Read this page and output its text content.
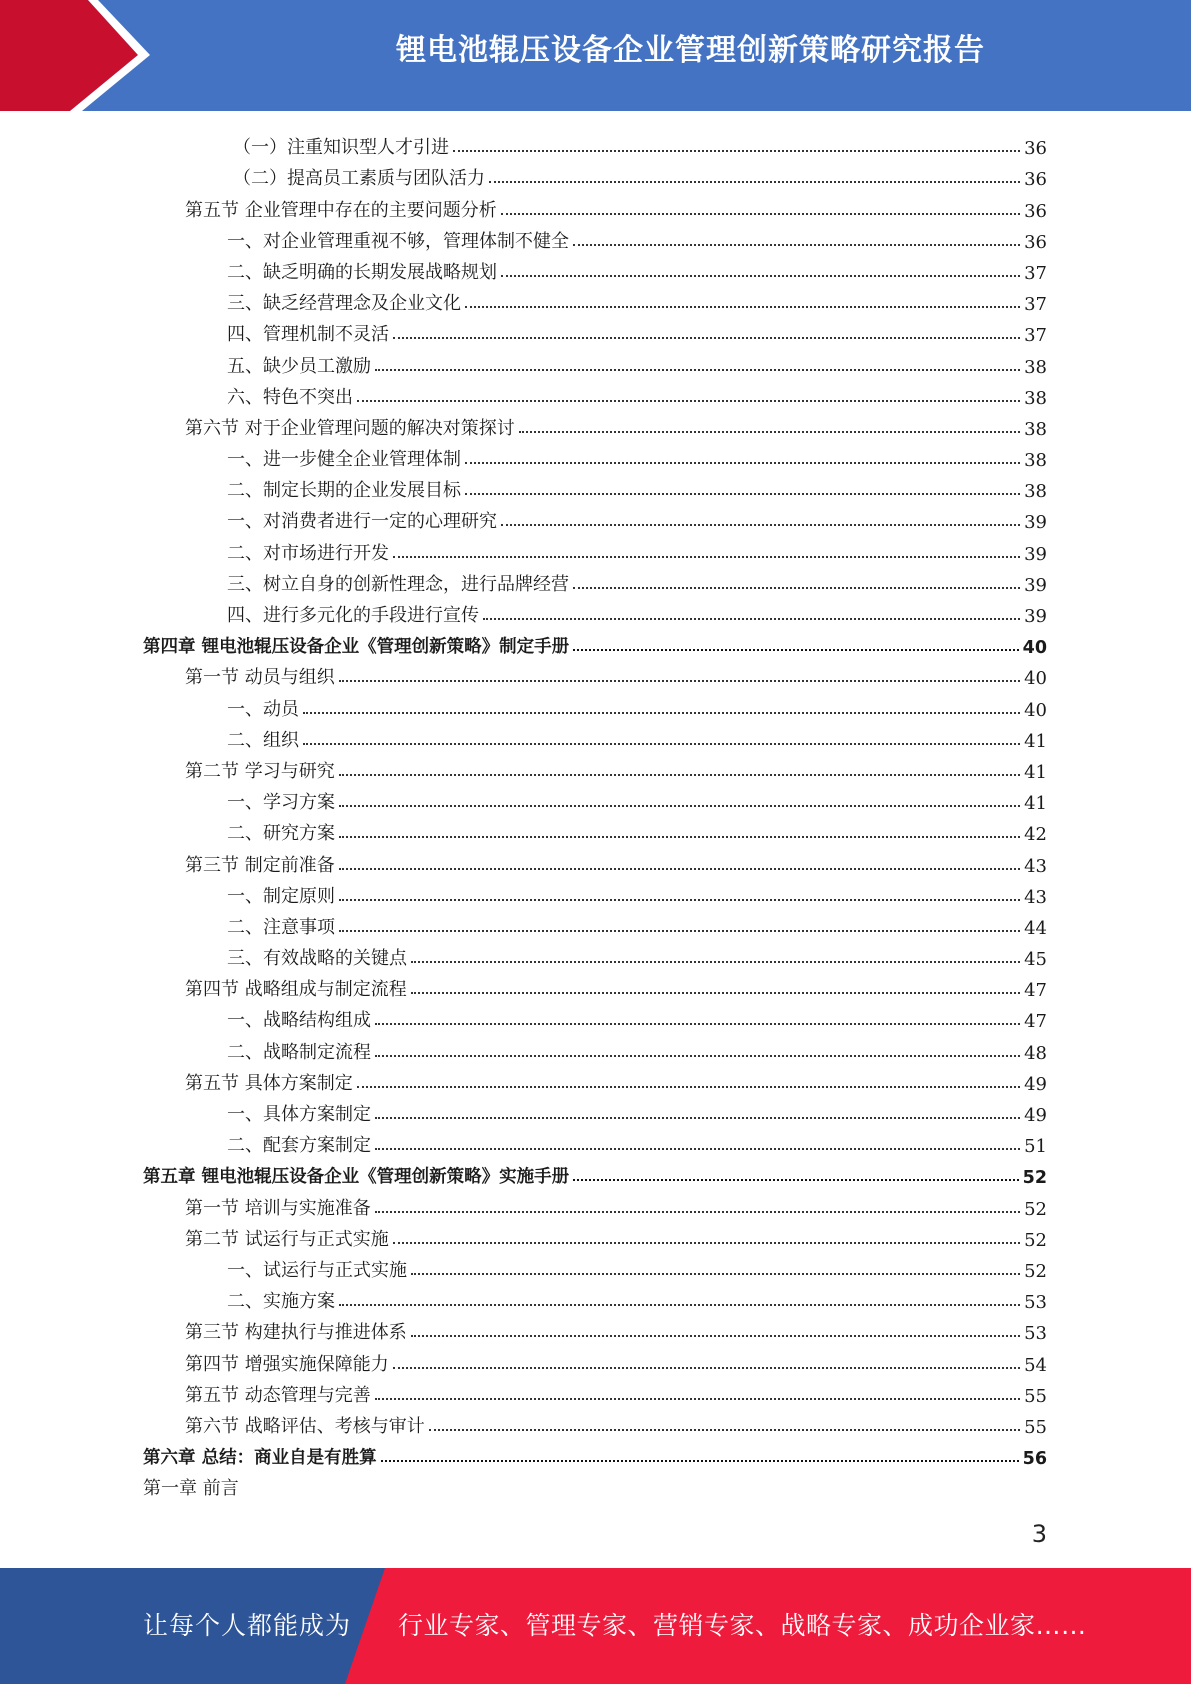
锂电池辊压设备企业管理创新策略研究报告
（一）注重知识型人才引进	36
（二）提高员工素质与团队活力	36
第五节 企业管理中存在的主要问题分析	36
一、对企业管理重视不够，管理体制不健全	36
二、缺乏明确的长期发展战略规划	37
三、缺乏经营理念及企业文化	37
四、管理机制不灵活	37
五、缺少员工激励	38
六、特色不突出	38
第六节 对于企业管理问题的解决对策探讨	38
一、进一步健全企业管理体制	38
二、制定长期的企业发展目标	38
一、对消费者进行一定的心理研究	39
二、对市场进行开发	39
三、树立自身的创新性理念，进行品牌经营	39
四、进行多元化的手段进行宣传	39
第四章 锂电池辊压设备企业《管理创新策略》制定手册	40
第一节 动员与组织	40
一、动员	40
二、组织	41
第二节 学习与研究	41
一、学习方案	41
二、研究方案	42
第三节 制定前准备	43
一、制定原则	43
二、注意事项	44
三、有效战略的关键点	45
第四节 战略组成与制定流程	47
一、战略结构组成	47
二、战略制定流程	48
第五节 具体方案制定	49
一、具体方案制定	49
二、配套方案制定	51
第五章 锂电池辊压设备企业《管理创新策略》实施手册	52
第一节 培训与实施准备	52
第二节 试运行与正式实施	52
一、试运行与正式实施	52
二、实施方案	53
第三节 构建执行与推进体系	53
第四节 增强实施保障能力	54
第五节 动态管理与完善	55
第六节 战略评估、考核与审计	55
第六章 总结：商业自是有胜算	56
第一章 前言
3
让每个人都能成为 行业专家、管理专家、营销专家、战略专家、成功企业家……
